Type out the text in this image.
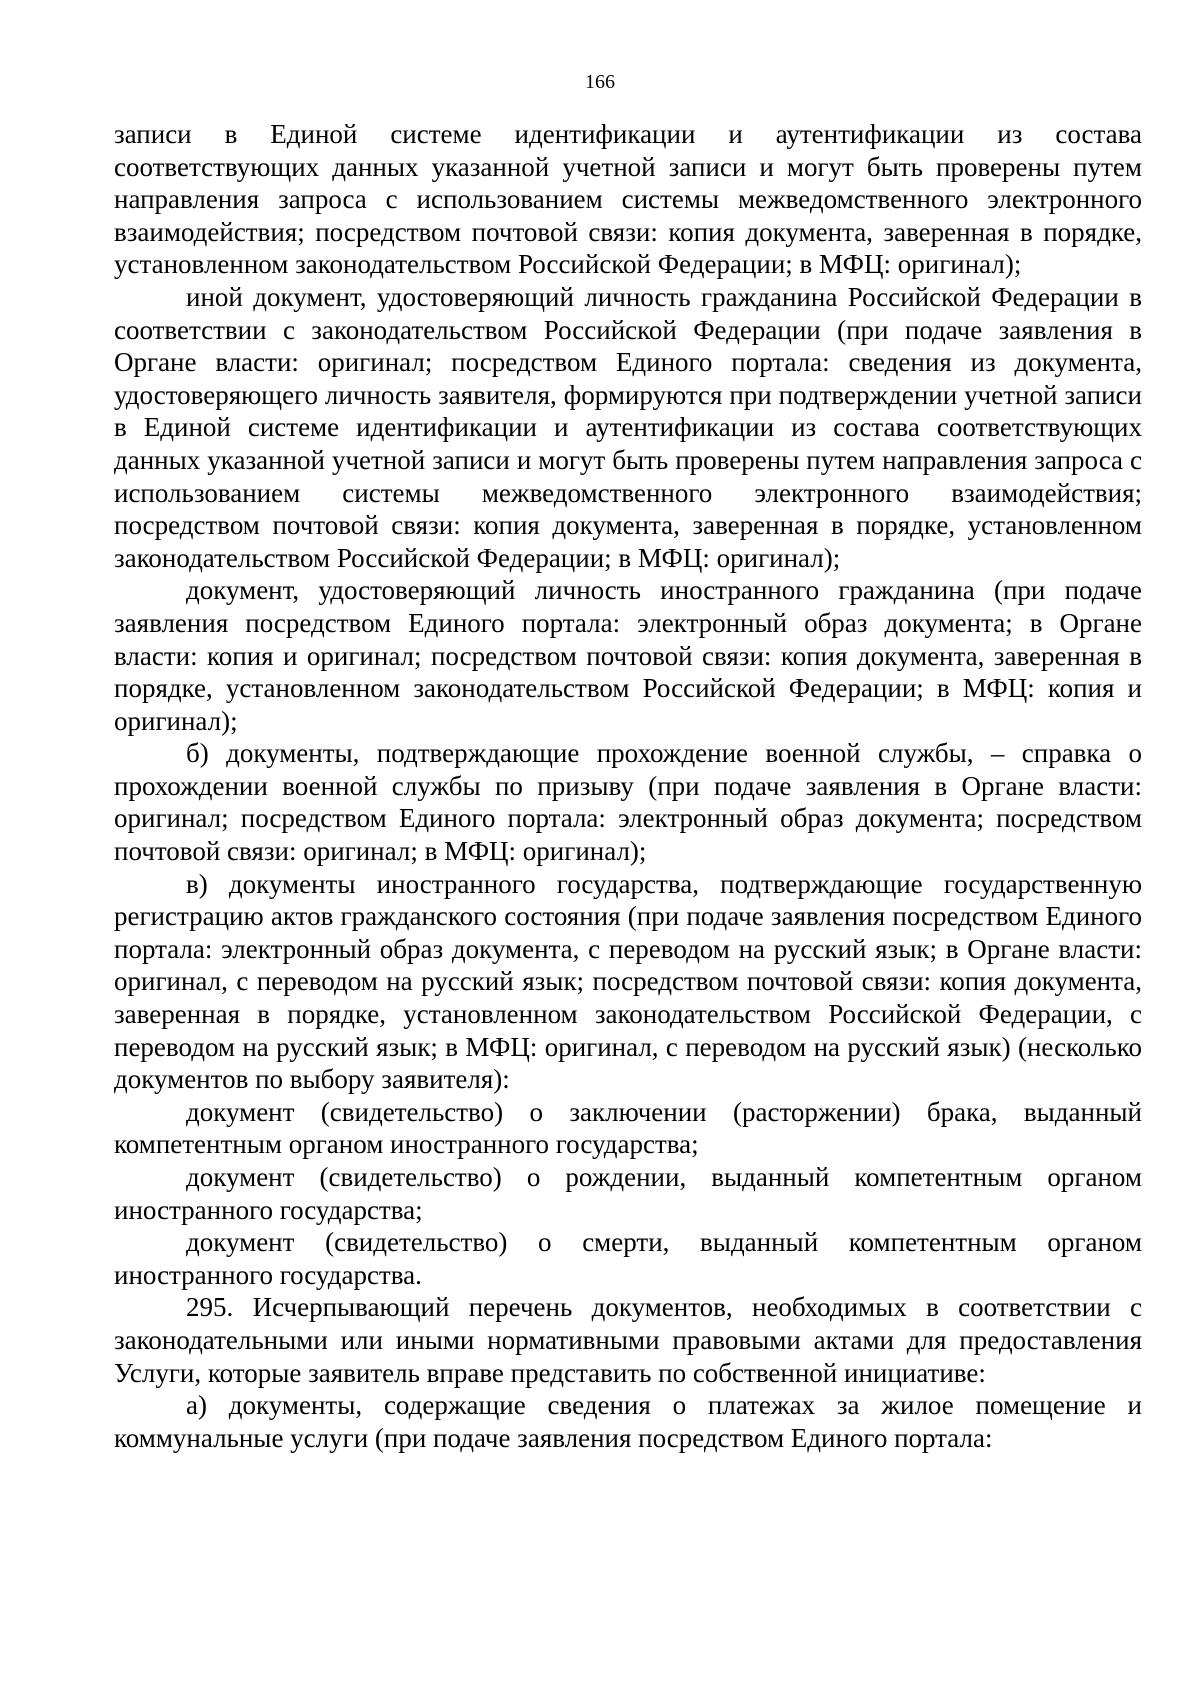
166

записи в Единой системе идентификации и аутентификации из состава соответствующих данных указанной учетной записи и могут быть проверены путем направления запроса с использованием системы межведомственного электронного взаимодействия; посредством почтовой связи: копия документа, заверенная в порядке, установленном законодательством Российской Федерации; в МФЦ: оригинал);

иной документ, удостоверяющий личность гражданина Российской Федерации в соответствии с законодательством Российской Федерации (при подаче заявления в Органе власти: оригинал; посредством Единого портала: сведения из документа, удостоверяющего личность заявителя, формируются при подтверждении учетной записи в Единой системе идентификации и аутентификации из состава соответствующих данных указанной учетной записи и могут быть проверены путем направления запроса с использованием системы межведомственного электронного взаимодействия; посредством почтовой связи: копия документа, заверенная в порядке, установленном законодательством Российской Федерации; в МФЦ: оригинал);

документ, удостоверяющий личность иностранного гражданина (при подаче заявления посредством Единого портала: электронный образ документа; в Органе власти: копия и оригинал; посредством почтовой связи: копия документа, заверенная в порядке, установленном законодательством Российской Федерации; в МФЦ: копия и оригинал);

б) документы, подтверждающие прохождение военной службы, – справка о прохождении военной службы по призыву (при подаче заявления в Органе власти: оригинал; посредством Единого портала: электронный образ документа; посредством почтовой связи: оригинал; в МФЦ: оригинал);

в) документы иностранного государства, подтверждающие государственную регистрацию актов гражданского состояния (при подаче заявления посредством Единого портала: электронный образ документа, с переводом на русский язык; в Органе власти: оригинал, с переводом на русский язык; посредством почтовой связи: копия документа, заверенная в порядке, установленном законодательством Российской Федерации, с переводом на русский язык; в МФЦ: оригинал, с переводом на русский язык) (несколько документов по выбору заявителя):

документ (свидетельство) о заключении (расторжении) брака, выданный компетентным органом иностранного государства;

документ (свидетельство) о рождении, выданный компетентным органом иностранного государства;

документ (свидетельство) о смерти, выданный компетентным органом иностранного государства.

295. Исчерпывающий перечень документов, необходимых в соответствии с законодательными или иными нормативными правовыми актами для предоставления Услуги, которые заявитель вправе представить по собственной инициативе:

а) документы, содержащие сведения о платежах за жилое помещение и коммунальные услуги (при подаче заявления посредством Единого портала:
